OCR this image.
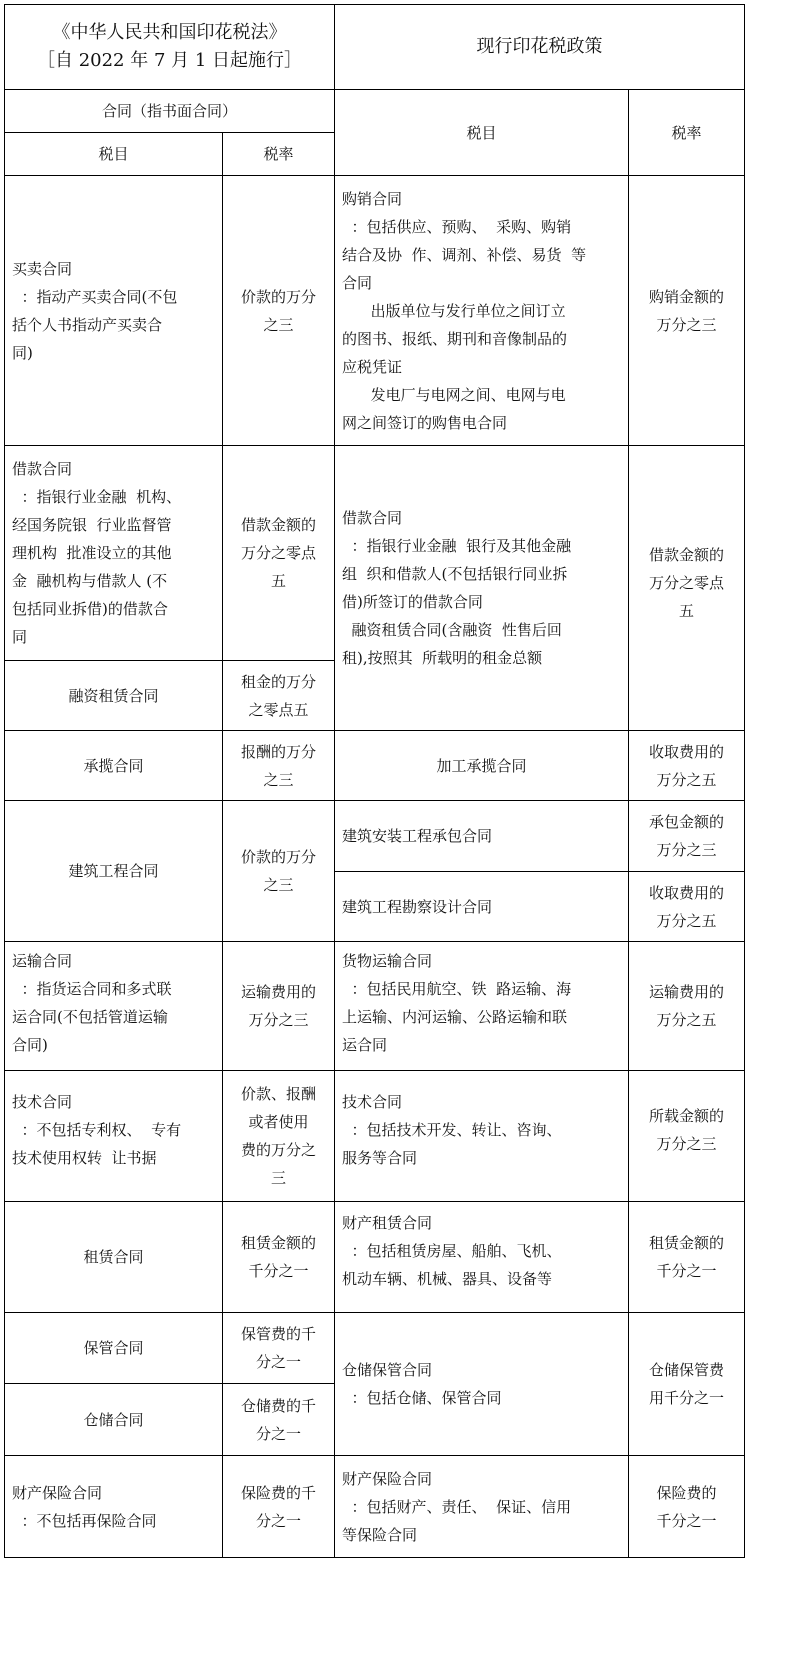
《中华人民共和国印花税法》
［自 2022 年 7 月 1 日起施行］
现行印花税政策
合同（指书面合同）
税目	税率
税目	税率
买卖合同
：指动产买卖合同(不包
括个人书指动产买卖合
同)
价款的万分
之三
购销合同
：包括供应、预购、  采购、购销
结合及协  作、调剂、补偿、易货  等
合同
出版单位与发行单位之间订立
的图书、报纸、期刊和音像制品的
应税凭证
发电厂与电网之间、电网与电
网之间签订的购售电合同
购销金额的
万分之三
借款合同
：指银行业金融  机构、
经国务院银  行业监督管
理机构  批准设立的其他
金  融机构与借款人 (不
包括同业拆借)的借款合
同
借款金额的
万分之零点
五
借款合同
：指银行业金融  银行及其他金融
组  织和借款人(不包括银行同业拆
借)所签订的借款合同
融资租赁合同(含融资  性售后回
租),按照其  所载明的租金总额
借款金额的
万分之零点
五
融资租赁合同
租金的万分
之零点五
承揽合同
报酬的万分
之三
加工承揽合同
收取费用的
万分之五
建筑工程合同
价款的万分
之三
建筑安装工程承包合同
承包金额的
万分之三
建筑工程勘察设计合同
收取费用的
万分之五
运输合同
：指货运合同和多式联
运合同(不包括管道运输
合同)
运输费用的
万分之三
货物运输合同
：包括民用航空、铁  路运输、海
上运输、内河运输、公路运输和联
运合同
运输费用的
万分之五
技术合同
：不包括专利权、  专有
技术使用权转  让书据
价款、报酬
或者使用
费的万分之
三
技术合同
：包括技术开发、转让、咨询、
服务等合同
所载金额的
万分之三
租赁合同
租赁金额的
千分之一
财产租赁合同
：包括租赁房屋、船舶、飞机、
机动车辆、机械、器具、设备等
租赁金额的
千分之一
保管合同
保管费的千
分之一
仓储合同
仓储费的千
分之一
仓储保管合同
：包括仓储、保管合同
仓储保管费
用千分之一
财产保险合同
：不包括再保险合同
保险费的千
分之一
财产保险合同
：包括财产、责任、  保证、信用
等保险合同
保险费的
千分之一
